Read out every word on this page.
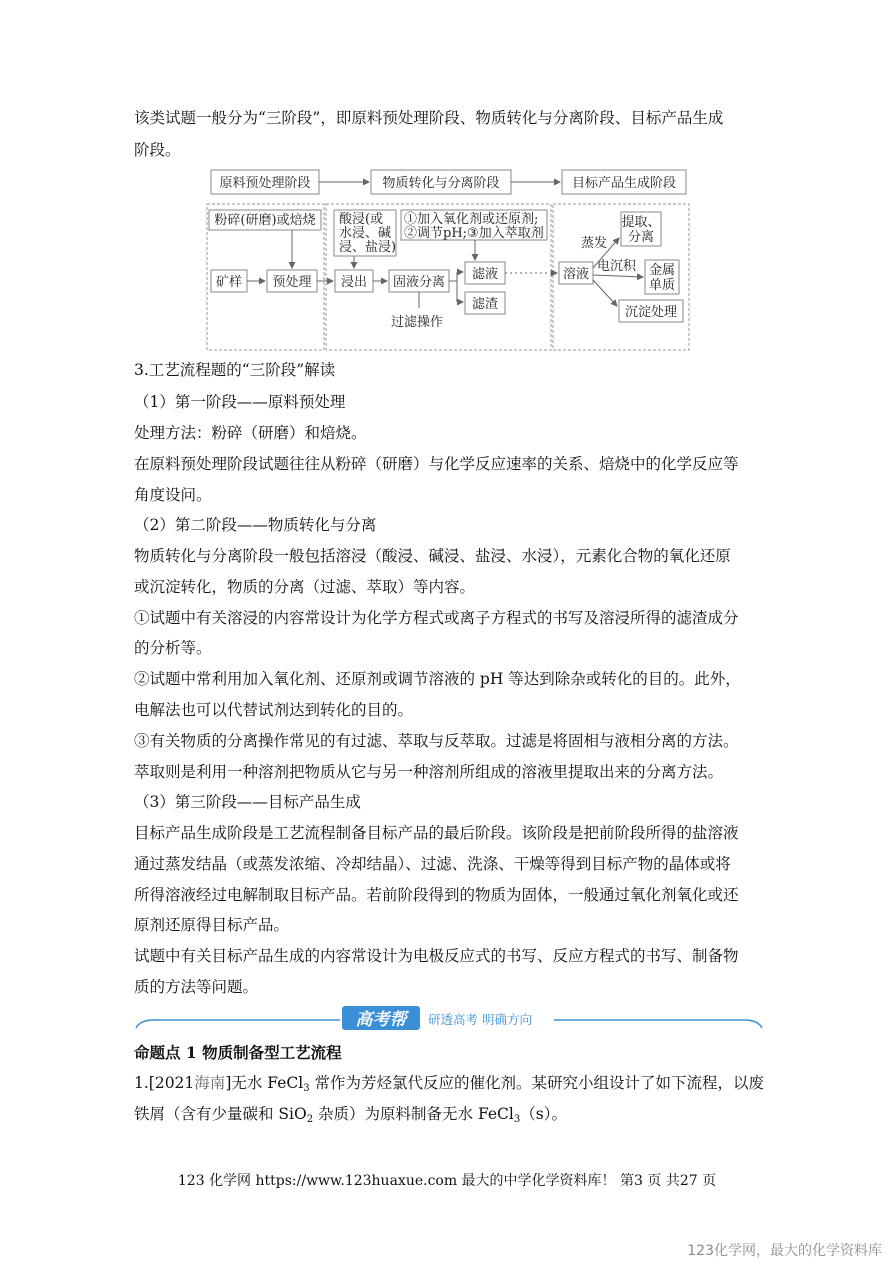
该类试题一般分为“三阶段”，即原料预处理阶段、物质转化与分离阶段、目标产品生成
阶段。
原料预处理阶段	物质转化与分离阶段	目标产品生成阶段
粉碎(研磨)或焙烧
矿样 预处理
酸浸(或
水浸、碱
浸、盐浸)
浸出
①加入氧化剂或还原剂;
②调节pH;③加入萃取剂
固液分离
过滤操作
滤液
滤渣
溶液
蒸发
提取、
分离
电沉积 金属
单质
沉淀处理
3.工艺流程题的“三阶段”解读
（1）第一阶段——原料预处理
处理方法：粉碎（研磨）和焙烧。
在原料预处理阶段试题往往从粉碎（研磨）与化学反应速率的关系、焙烧中的化学反应等
角度设问。
（2）第二阶段——物质转化与分离
物质转化与分离阶段一般包括溶浸（酸浸、碱浸、盐浸、水浸），元素化合物的氧化还原
或沉淀转化，物质的分离（过滤、萃取）等内容。
①试题中有关溶浸的内容常设计为化学方程式或离子方程式的书写及溶浸所得的滤渣成分
的分析等。
②试题中常利用加入氧化剂、还原剂或调节溶液的 pH 等达到除杂或转化的目的。此外，
电解法也可以代替试剂达到转化的目的。
③有关物质的分离操作常见的有过滤、萃取与反萃取。过滤是将固相与液相分离的方法。
萃取则是利用一种溶剂把物质从它与另一种溶剂所组成的溶液里提取出来的分离方法。
（3）第三阶段——目标产品生成
目标产品生成阶段是工艺流程制备目标产品的最后阶段。该阶段是把前阶段所得的盐溶液
通过蒸发结晶（或蒸发浓缩、冷却结晶）、过滤、洗涤、干燥等得到目标产物的晶体或将
所得溶液经过电解制取目标产品。若前阶段得到的物质为固体，一般通过氧化剂氧化或还
原剂还原得目标产品。
试题中有关目标产品生成的内容常设计为电极反应式的书写、反应方程式的书写、制备物
质的方法等问题。
高考帮 研透高考 明确方向
命题点 1 物质制备型工艺流程
1.[2021海南]无水 FeCl$_3$ 常作为芳烃氯代反应的催化剂。某研究小组设计了如下流程，以废
铁屑（含有少量碳和 SiO$_2$ 杂质）为原料制备无水 FeCl$_3$（s）。
123 化学网 https://www.123huaxue.com 最大的中学化学资料库！ 第3 页 共27 页
123化学网，最大的化学资料库
